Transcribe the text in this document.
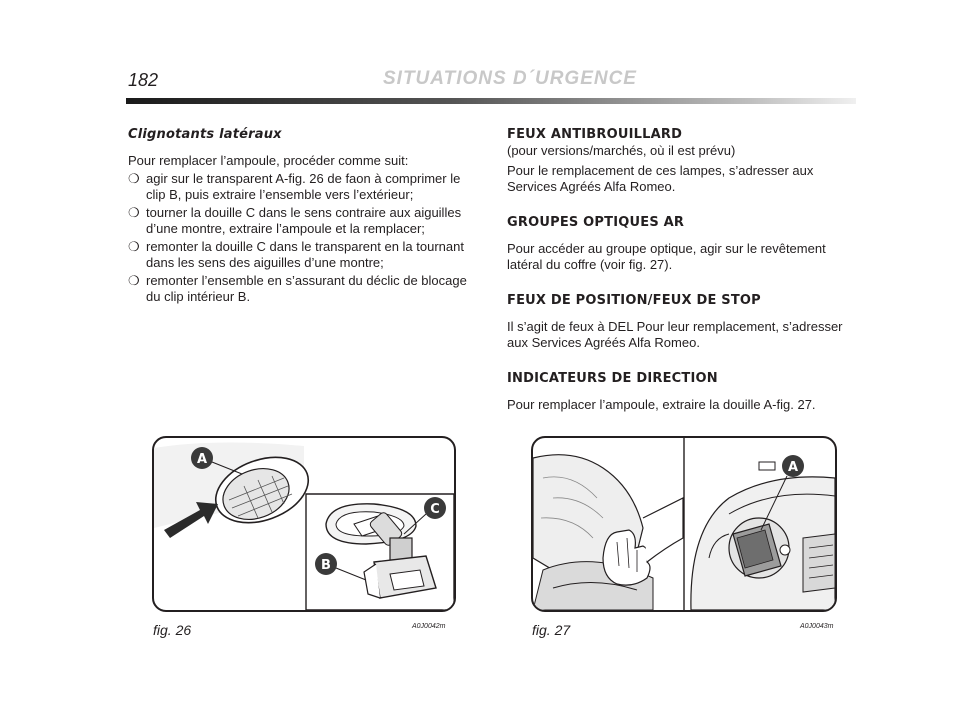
182	SITUATIONS D´URGENCE
Clignotants latéraux

Pour remplacer l’ampoule, procéder comme suit:

❍ agir sur le transparent A-fig. 26 de faοn à comprimer le clip B, puis extraire l’ensemble vers l’extérieur;
❍ tourner la douille C dans le sens contraire aux aiguilles d’une montre, extraire l’ampoule et la remplacer;
❍ remonter la douille C dans le transparent en la tournant dans les sens des aiguilles d’une montre;
❍ remonter l’ensemble en s’assurant du déclic de blocage du clip intérieur B.
FEUX ANTIBROUILLARD

(pour versions/marchés, où il est prévu)

Pour le remplacement de ces lampes, s’adresser aux Services Agréés Alfa Romeo.

GROUPES OPTIQUES AR

Pour accéder au groupe optique, agir sur le revêtement latéral du coffre (voir fig. 27).

FEUX DE POSITION/FEUX DE STOP

Il s’agit de feux à DEL Pour leur remplacement, s’adresser aux Services Agréés Alfa Romeo.

INDICATEURS DE DIRECTION

Pour remplacer l’ampoule, extraire la douille A-fig. 27.

A
C
B
fig. 26	A0J0042m
A
fig. 27	A0J0043m
